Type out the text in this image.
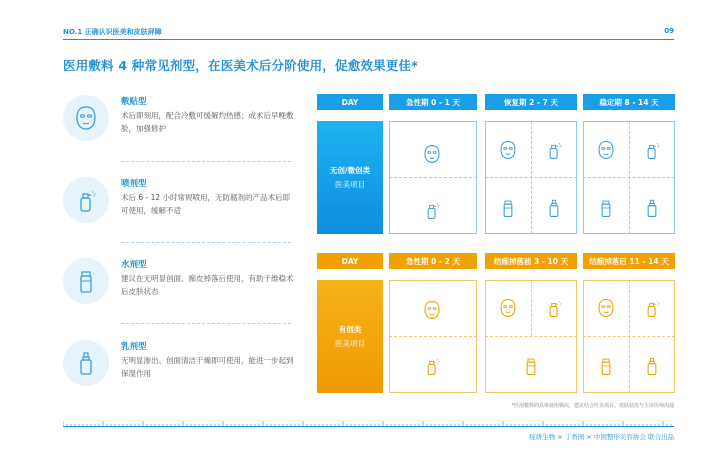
NO.1 正确认识医美和皮肤屏障	09
医用敷料 4 种常见剂型，在医美术后分阶使用，促愈效果更佳*
敷贴型
术后即刻用，配合冷敷可缓解灼热感；或术后早晚敷脸，加强修护
喷剂型
术后 6 - 12 小时常规喷用，无防腐剂的产品术后即可使用，缓解不适
水剂型
建议在无明显创面、痂皮掉落后使用，有助于维稳术后皮肤状态
乳剂型
无明显渗出、创面清洁干燥即可使用，能进一步起到保湿作用
DAY	急性期 0 - 1 天	恢复期 2 - 7 天	稳定期 8 - 14 天
无创/微创类
医美项目
DAY	急性期 0 - 2 天	结痂掉落前 3 - 10 天	结痂掉落后 11 - 14 天
有创类
医美项目
*医用敷料的具体使用频次，建议结合医美项目、皮肤状况与主诊医师沟通
绽妍生物 × 丁香园 × 中国整形美容协会 联合出品
